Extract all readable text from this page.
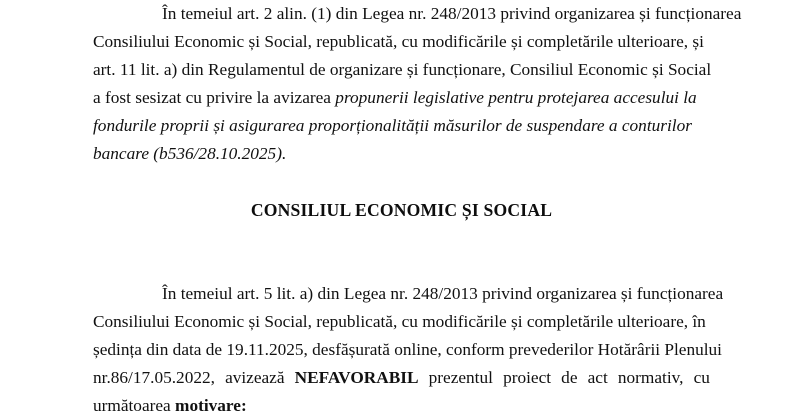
În temeiul art. 2 alin. (1) din Legea nr. 248/2013 privind organizarea și funcționarea
Consiliului Economic și Social, republicată, cu modificările și completările ulterioare, și
art. 11 lit. a) din Regulamentul de organizare și funcționare, Consiliul Economic și Social
a fost sesizat cu privire la avizarea propunerii legislative pentru protejarea accesului la
fondurile proprii și asigurarea proporționalității măsurilor de suspendare a conturilor
bancare (b536/28.10.2025).
CONSILIUL ECONOMIC ȘI SOCIAL
În temeiul art. 5 lit. a) din Legea nr. 248/2013 privind organizarea și funcționarea
Consiliului Economic și Social, republicată, cu modificările și completările ulterioare, în
ședința din data de 19.11.2025, desfășurată online, conform prevederilor Hotărârii Plenului
nr.86/17.05.2022, avizează NEFAVORABIL prezentul proiect de act normativ, cu
următoarea motivare:
